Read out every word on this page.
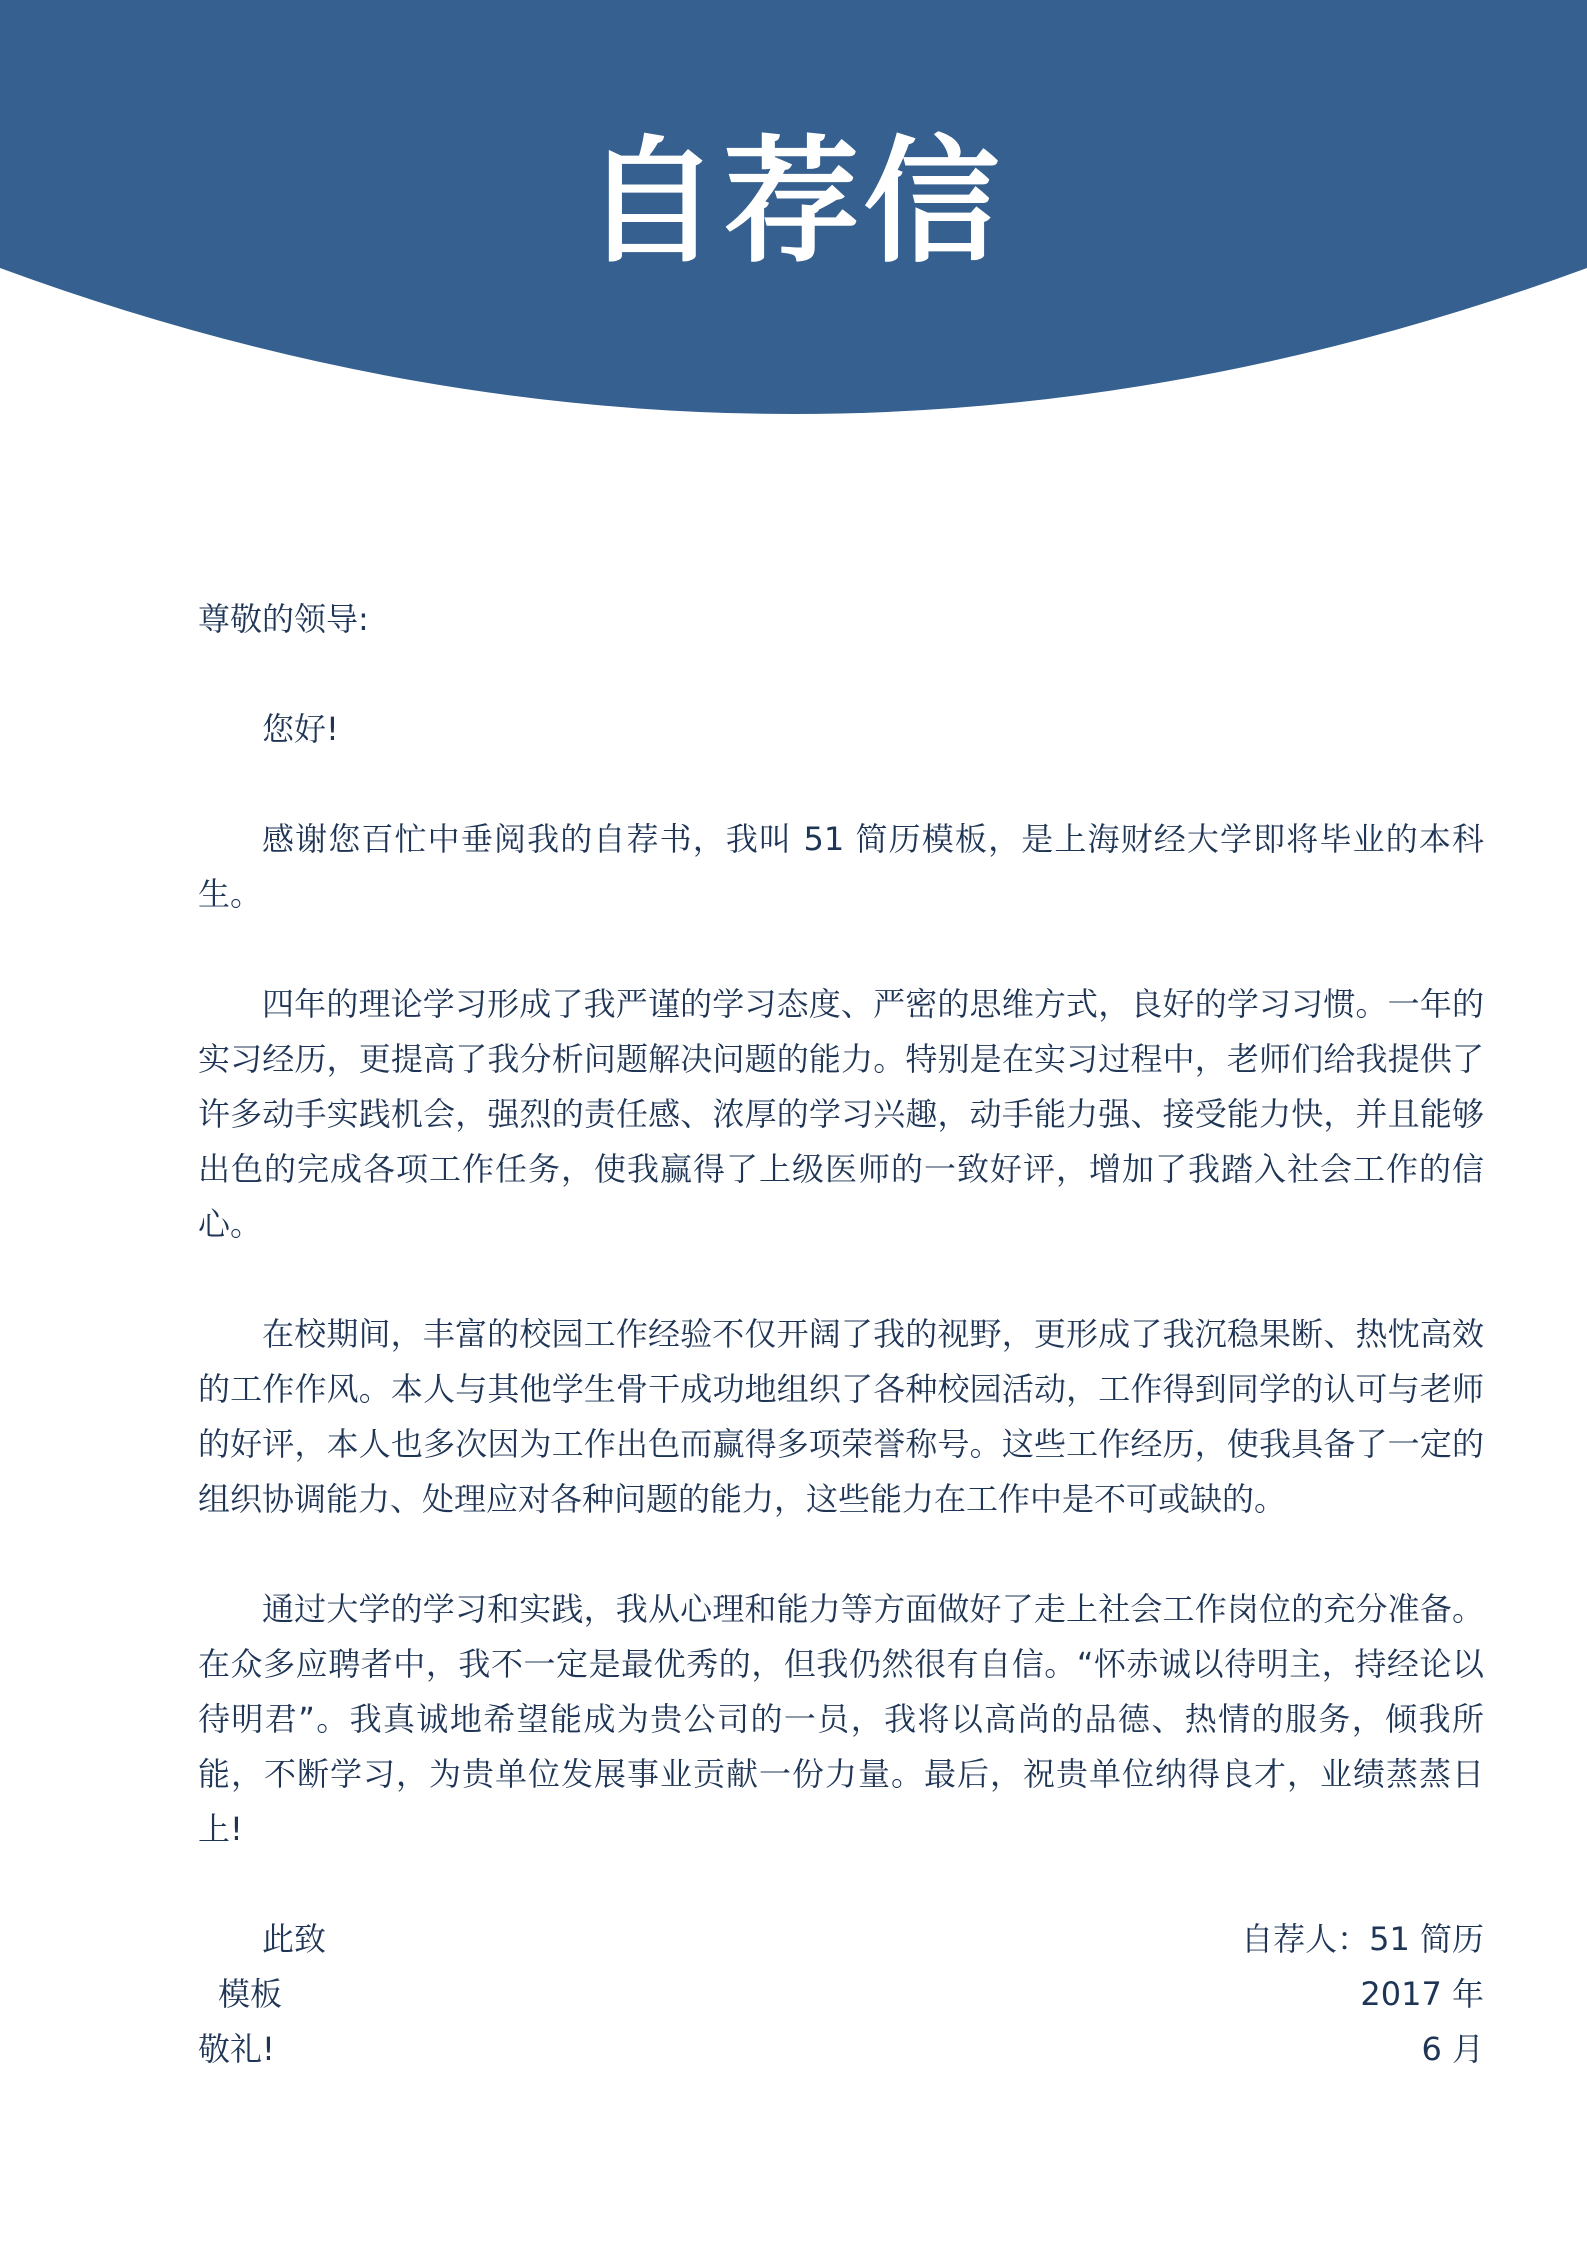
自荐信

尊敬的领导:

您好!

感谢您百忙中垂阅我的自荐书，我叫 51 简历模板，是上海财经大学即将毕业的本科生。

四年的理论学习形成了我严谨的学习态度、严密的思维方式，良好的学习习惯。一年的实习经历，更提高了我分析问题解决问题的能力。特别是在实习过程中，老师们给我提供了许多动手实践机会，强烈的责任感、浓厚的学习兴趣，动手能力强、接受能力快，并且能够出色的完成各项工作任务，使我赢得了上级医师的一致好评，增加了我踏入社会工作的信心。

在校期间，丰富的校园工作经验不仅开阔了我的视野，更形成了我沉稳果断、热忱高效的工作作风。本人与其他学生骨干成功地组织了各种校园活动，工作得到同学的认可与老师的好评，本人也多次因为工作出色而赢得多项荣誉称号。这些工作经历，使我具备了一定的组织协调能力、处理应对各种问题的能力，这些能力在工作中是不可或缺的。

通过大学的学习和实践，我从心理和能力等方面做好了走上社会工作岗位的充分准备。在众多应聘者中，我不一定是最优秀的，但我仍然很有自信。“怀赤诚以待明主，持经论以待明君”。我真诚地希望能成为贵公司的一员，我将以高尚的品德、热情的服务，倾我所能，不断学习，为贵单位发展事业贡献一份力量。最后，祝贵单位纳得良才，业绩蒸蒸日上!

此致

敬礼!

自荐人：51 简历

模板	2017 年

6 月
